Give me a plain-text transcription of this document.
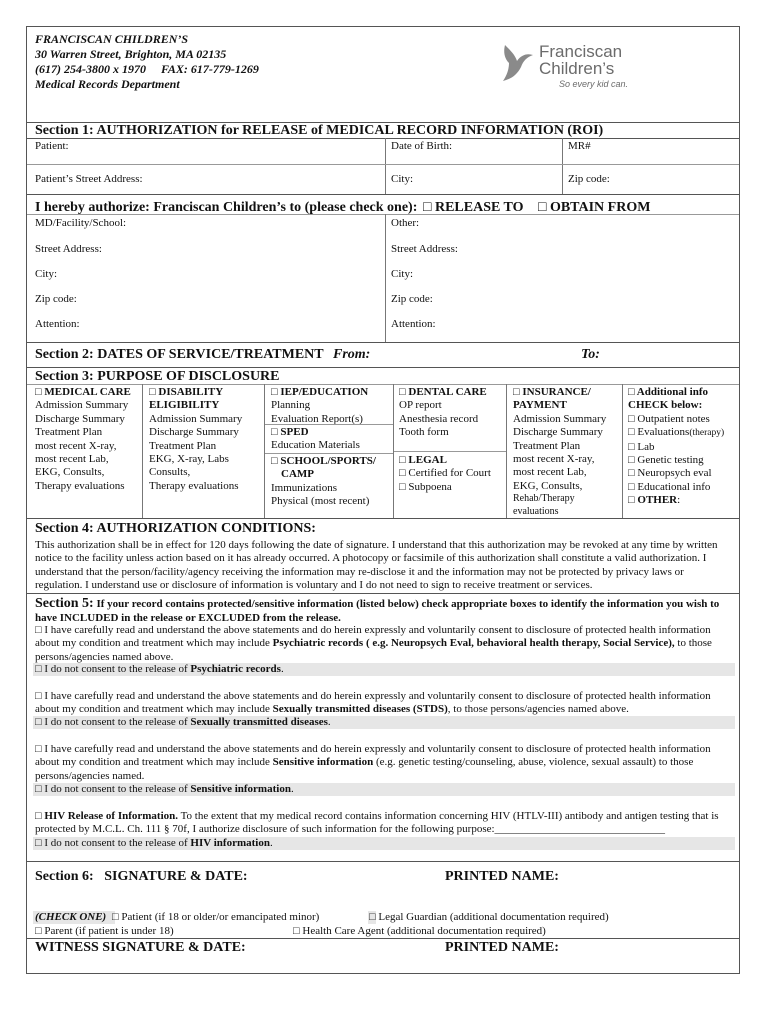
FRANCISCAN CHILDREN’S
30 Warren Street, Brighton, MA 02135
(617) 254-3800 x 1970     FAX: 617-779-1269
Medical Records Department
Franciscan
Children’s
So every kid can.
Section 1: AUTHORIZATION for RELEASE of MEDICAL RECORD INFORMATION (ROI)
Patient:	Date of Birth:	MR#
Patient’s Street Address:	City:	Zip code:
I hereby authorize: Franciscan Children’s to (please check one): □ RELEASE TO □ OBTAIN FROM
MD/Facility/School:
Street Address:
City:
Zip code:
Attention:
Other:
Street Address:
City:
Zip code:
Attention:
Section 2: DATES OF SERVICE/TREATMENT From:	To:
Section 3: PURPOSE OF DISCLOSURE
□ MEDICAL CARE
Admission Summary
Discharge Summary
Treatment Plan
most recent X-ray,
most recent Lab,
EKG, Consults,
Therapy evaluations
□ DISABILITY
ELIGIBILITY
Admission Summary
Discharge Summary
Treatment Plan
EKG, X-ray, Labs
Consults,
Therapy evaluations
□ IEP/EDUCATION
Planning
Evaluation Report(s)
□ SPED
Education Materials
□ SCHOOL/SPORTS/
CAMP
Immunizations
Physical (most recent)
□ DENTAL CARE
OP report
Anesthesia record
Tooth form
□ LEGAL
□ Certified for Court
□ Subpoena
□ INSURANCE/
PAYMENT
Admission Summary
Discharge Summary
Treatment Plan
most recent X-ray,
most recent Lab,
EKG, Consults,
Rehab/Therapy
evaluations
□ Additional info
CHECK below:
□ Outpatient notes
□ Evaluations(therapy)
□ Lab
□ Genetic testing
□ Neuropsych eval
□ Educational info
□ OTHER:
Section 4: AUTHORIZATION CONDITIONS:
This authorization shall be in effect for 120 days following the date of signature. I understand that this authorization may be revoked at any time by written notice to the facility unless action based on it has already occurred. A photocopy or facsimile of this authorization shall constitute a valid authorization. I understand that the person/facility/agency receiving the information may re-disclose it and the information may not be protected by privacy laws or regulation. I understand use or disclosure of information is voluntary and I do not need to sign to receive treatment or services.
Section 5: If your record contains protected/sensitive information (listed below) check appropriate boxes to identify the information you wish to have INCLUDED in the release or EXCLUDED from the release.
□ I have carefully read and understand the above statements and do herein expressly and voluntarily consent to disclosure of protected health information about my condition and treatment which may include Psychiatric records ( e.g. Neuropsych Eval, behavioral health therapy, Social Service), to those persons/agencies named above.
□ I do not consent to the release of Psychiatric records.
□ I have carefully read and understand the above statements and do herein expressly and voluntarily consent to disclosure of protected health information about my condition and treatment which may include Sexually transmitted diseases (STDS), to those persons/agencies named above.
□ I do not consent to the release of Sexually transmitted diseases.
□ I have carefully read and understand the above statements and do herein expressly and voluntarily consent to disclosure of protected health information about my condition and treatment which may include Sensitive information (e.g. genetic testing/counseling, abuse, violence, sexual assault) to those persons/agencies named.
□ I do not consent to the release of Sensitive information.
□ HIV Release of Information. To the extent that my medical record contains information concerning HIV (HTLV-III) antibody and antigen testing that is protected by M.C.L. Ch. 111 § 70f, I authorize disclosure of such information for the following purpose:_______________________________
□ I do not consent to the release of HIV information.
Section 6:   SIGNATURE & DATE:	PRINTED NAME:
(CHECK ONE) □ Patient (if 18 or older/or emancipated minor)	□ Legal Guardian (additional documentation required)
□ Parent (if patient is under 18)	□ Health Care Agent (additional documentation required)
WITNESS SIGNATURE & DATE:	PRINTED NAME:
